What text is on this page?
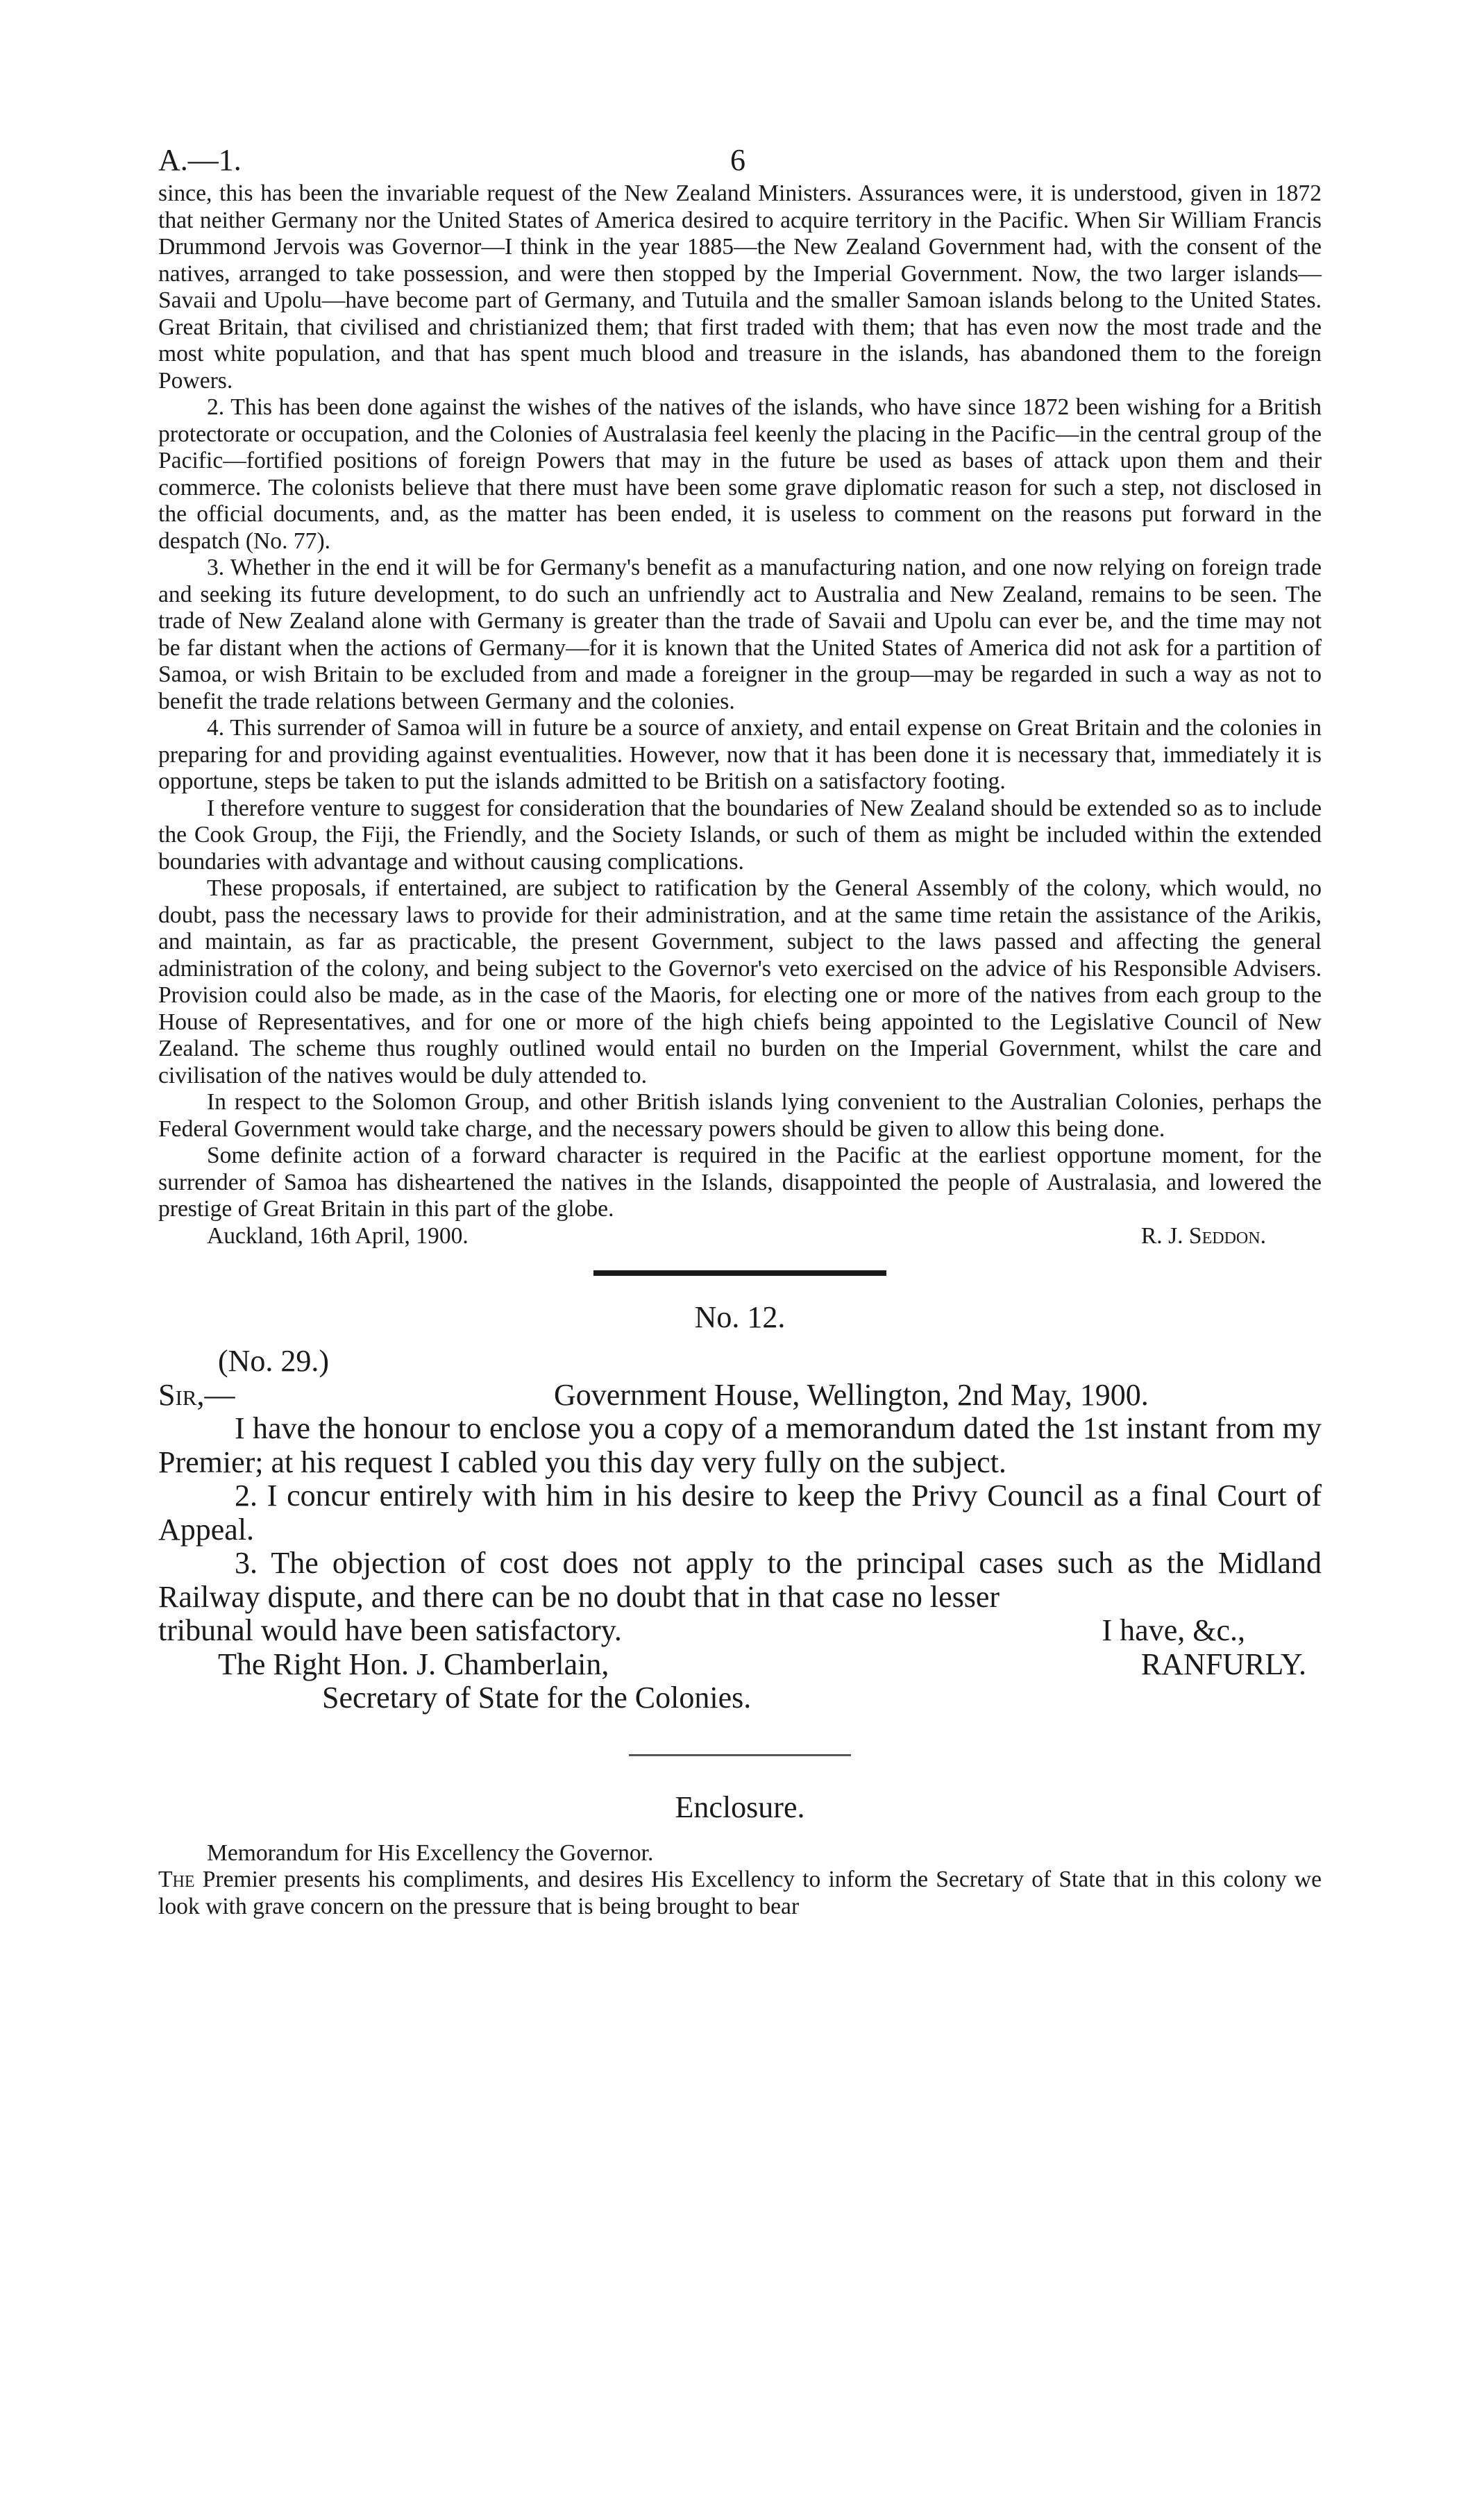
A.—1.	6

since, this has been the invariable request of the New Zealand Ministers. Assurances were, it is understood, given in 1872 that neither Germany nor the United States of America desired to acquire territory in the Pacific. When Sir William Francis Drummond Jervois was Governor—I think in the year 1885—the New Zealand Government had, with the consent of the natives, arranged to take possession, and were then stopped by the Imperial Government. Now, the two larger islands—Savaii and Upolu—have become part of Germany, and Tutuila and the smaller Samoan islands belong to the United States. Great Britain, that civilised and christianized them; that first traded with them; that has even now the most trade and the most white population, and that has spent much blood and treasure in the islands, has abandoned them to the foreign Powers.

2. This has been done against the wishes of the natives of the islands, who have since 1872 been wishing for a British protectorate or occupation, and the Colonies of Australasia feel keenly the placing in the Pacific—in the central group of the Pacific—fortified positions of foreign Powers that may in the future be used as bases of attack upon them and their commerce. The colonists believe that there must have been some grave diplomatic reason for such a step, not disclosed in the official documents, and, as the matter has been ended, it is useless to comment on the reasons put forward in the despatch (No. 77).

3. Whether in the end it will be for Germany's benefit as a manufacturing nation, and one now relying on foreign trade and seeking its future development, to do such an unfriendly act to Australia and New Zealand, remains to be seen. The trade of New Zealand alone with Germany is greater than the trade of Savaii and Upolu can ever be, and the time may not be far distant when the actions of Germany—for it is known that the United States of America did not ask for a partition of Samoa, or wish Britain to be excluded from and made a foreigner in the group—may be regarded in such a way as not to benefit the trade relations between Germany and the colonies.

4. This surrender of Samoa will in future be a source of anxiety, and entail expense on Great Britain and the colonies in preparing for and providing against eventualities. However, now that it has been done it is necessary that, immediately it is opportune, steps be taken to put the islands admitted to be British on a satisfactory footing.

I therefore venture to suggest for consideration that the boundaries of New Zealand should be extended so as to include the Cook Group, the Fiji, the Friendly, and the Society Islands, or such of them as might be included within the extended boundaries with advantage and without causing complications.

These proposals, if entertained, are subject to ratification by the General Assembly of the colony, which would, no doubt, pass the necessary laws to provide for their administration, and at the same time retain the assistance of the Arikis, and maintain, as far as practicable, the present Government, subject to the laws passed and affecting the general administration of the colony, and being subject to the Governor's veto exercised on the advice of his Responsible Advisers. Provision could also be made, as in the case of the Maoris, for electing one or more of the natives from each group to the House of Representatives, and for one or more of the high chiefs being appointed to the Legislative Council of New Zealand. The scheme thus roughly outlined would entail no burden on the Imperial Government, whilst the care and civilisation of the natives would be duly attended to.

In respect to the Solomon Group, and other British islands lying convenient to the Australian Colonies, perhaps the Federal Government would take charge, and the necessary powers should be given to allow this being done.

Some definite action of a forward character is required in the Pacific at the earliest opportune moment, for the surrender of Samoa has disheartened the natives in the Islands, disappointed the people of Australasia, and lowered the prestige of Great Britain in this part of the globe.

Auckland, 16th April, 1900.	R. J. Seddon.
No. 12.
(No. 29.)
Sir,—	Government House, Wellington, 2nd May, 1900.

I have the honour to enclose you a copy of a memorandum dated the 1st instant from my Premier; at his request I cabled you this day very fully on the subject.

2. I concur entirely with him in his desire to keep the Privy Council as a final Court of Appeal.

3. The objection of cost does not apply to the principal cases such as the Midland Railway dispute, and there can be no doubt that in that case no lesser

tribunal would have been satisfactory.	I have, &c.,
The Right Hon. J. Chamberlain,	RANFURLY.
Secretary of State for the Colonies.
Enclosure.

Memorandum for His Excellency the Governor.

The Premier presents his compliments, and desires His Excellency to inform the Secretary of State that in this colony we look with grave concern on the pressure that is being brought to bear
